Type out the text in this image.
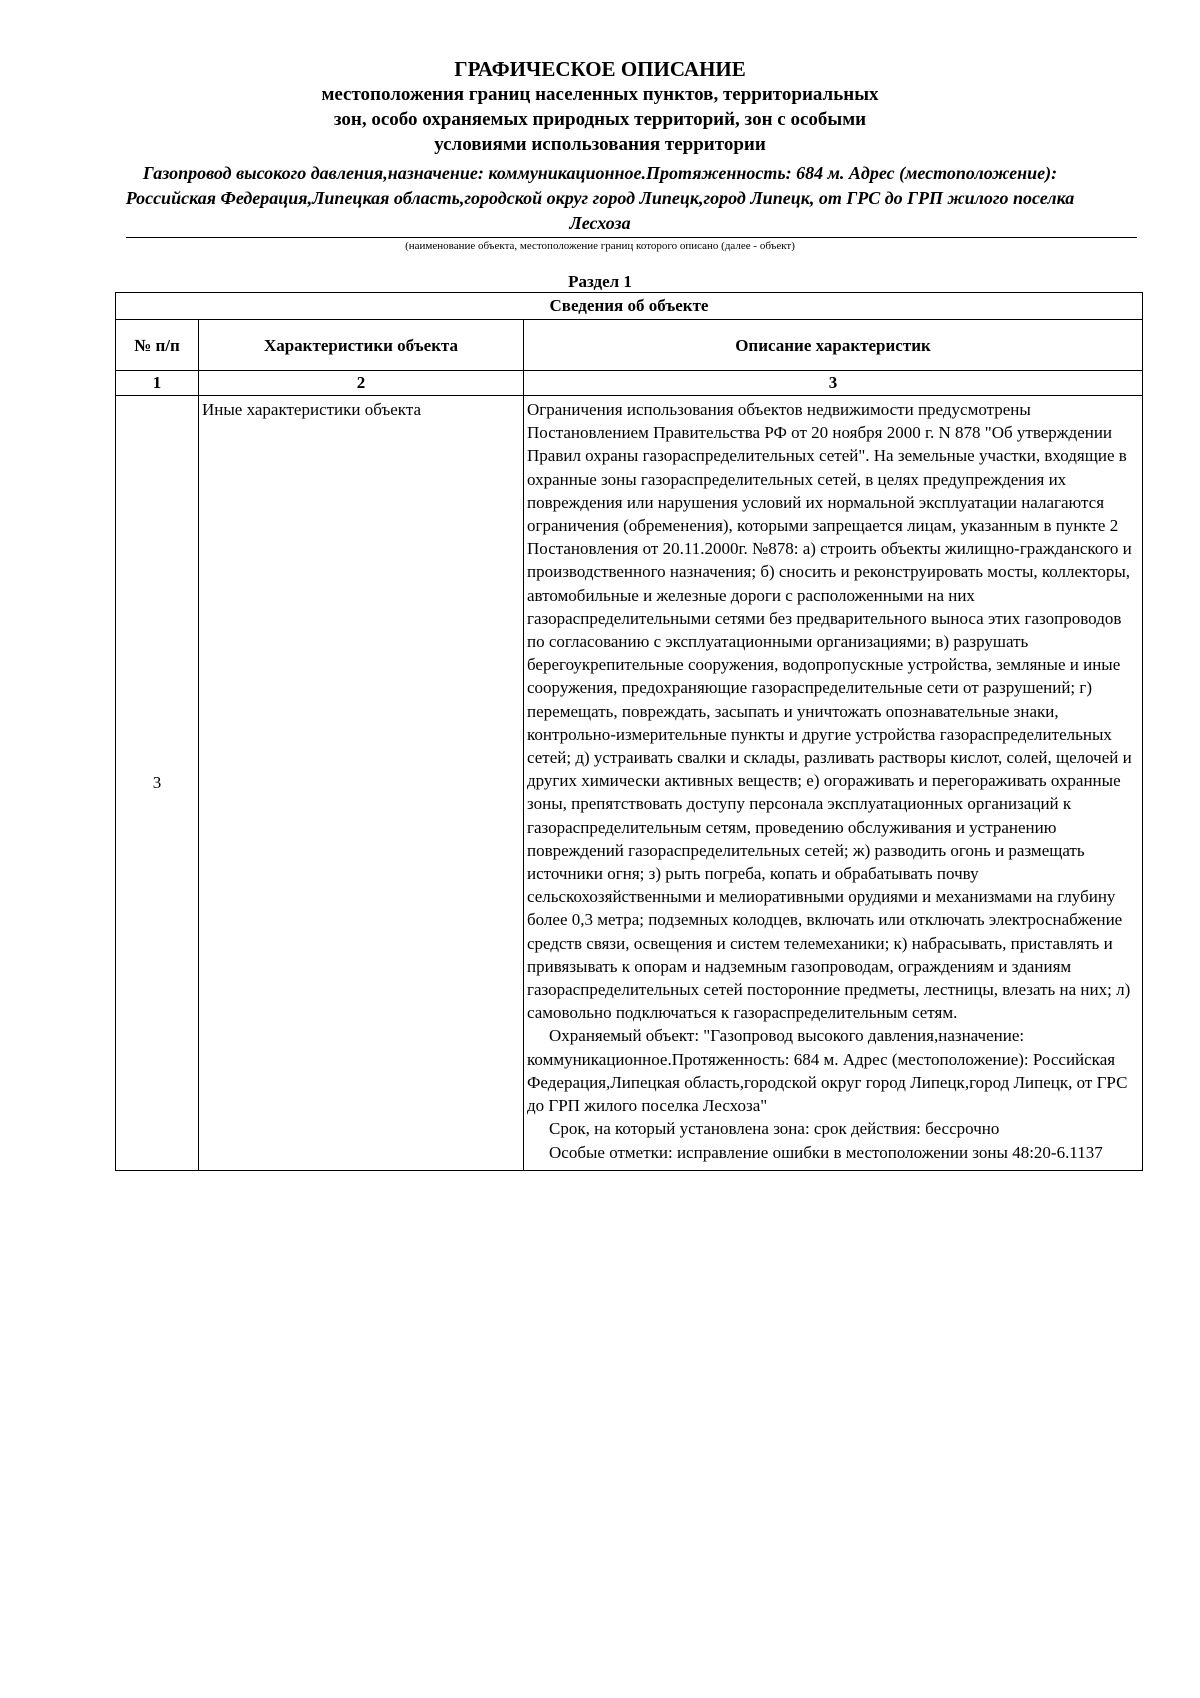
ГРАФИЧЕСКОЕ ОПИСАНИЕ

местоположения границ населенных пунктов, территориальных

зон, особо охраняемых природных территорий, зон с особыми

условиями использования территории

Газопровод высокого давления,назначение: коммуникационное.Протяженность: 684 м. Адрес (местоположение): Российская Федерация,Липецкая область,городской округ город Липецк,город Липецк, от ГРС до ГРП жилого поселка Лесхоза

(наименование объекта, местоположение границ которого описано (далее - объект)
Раздел 1
Сведения об объекте		
№ п/п	Характеристики объекта	Описание характеристик
1	2	3
3	Иные характеристики объекта	Ограничения использования объектов недвижимости предусмотрены Постановлением Правительства РФ от 20 ноября 2000 г. N 878 "Об утверждении Правил охраны газораспределительных сетей". На земельные участки, входящие в охранные зоны газораспределительных сетей, в целях предупреждения их повреждения или нарушения условий их нормальной эксплуатации налагаются ограничения (обременения), которыми запрещается лицам, указанным в пункте 2 Постановления от 20.11.2000г. №878: а) строить объекты жилищно-гражданского и производственного назначения; б) сносить и реконструировать мосты, коллекторы, автомобильные и железные дороги с расположенными на них газораспределительными сетями без предварительного выноса этих газопроводов по согласованию с эксплуатационными организациями; в) разрушать берегоукрепительные сооружения, водопропускные устройства, земляные и иные сооружения, предохраняющие газораспределительные сети от разрушений; г) перемещать, повреждать, засыпать и уничтожать опознавательные знаки, контрольно-измерительные пункты и другие устройства газораспределительных сетей; д) устраивать свалки и склады, разливать растворы кислот, солей, щелочей и других химически активных веществ; е) огораживать и перегораживать охранные зоны, препятствовать доступу персонала эксплуатационных организаций к газораспределительным сетям, проведению обслуживания и устранению повреждений газораспределительных сетей; ж) разводить огонь и размещать источники огня; з) рыть погреба, копать и обрабатывать почву сельскохозяйственными и мелиоративными орудиями и механизмами на глубину более 0,3 метра; подземных колодцев, включать или отключать электроснабжение средств связи, освещения и систем телемеханики; к) набрасывать, приставлять и привязывать к опорам и надземным газопроводам, ограждениям и зданиям газораспределительных сетей посторонние предметы, лестницы, влезать на них; л) самовольно подключаться к газораспределительным сетям.

Охраняемый объект: "Газопровод высокого давления,назначение: коммуникационное.Протяженность: 684 м. Адрес (местоположение): Российская Федерация,Липецкая область,городской округ город Липецк,город Липецк, от ГРС до ГРП жилого поселка Лесхоза"

Срок, на который установлена зона: срок действия: бессрочно

Особые отметки: исправление ошибки в местоположении зоны 48:20-6.1137
